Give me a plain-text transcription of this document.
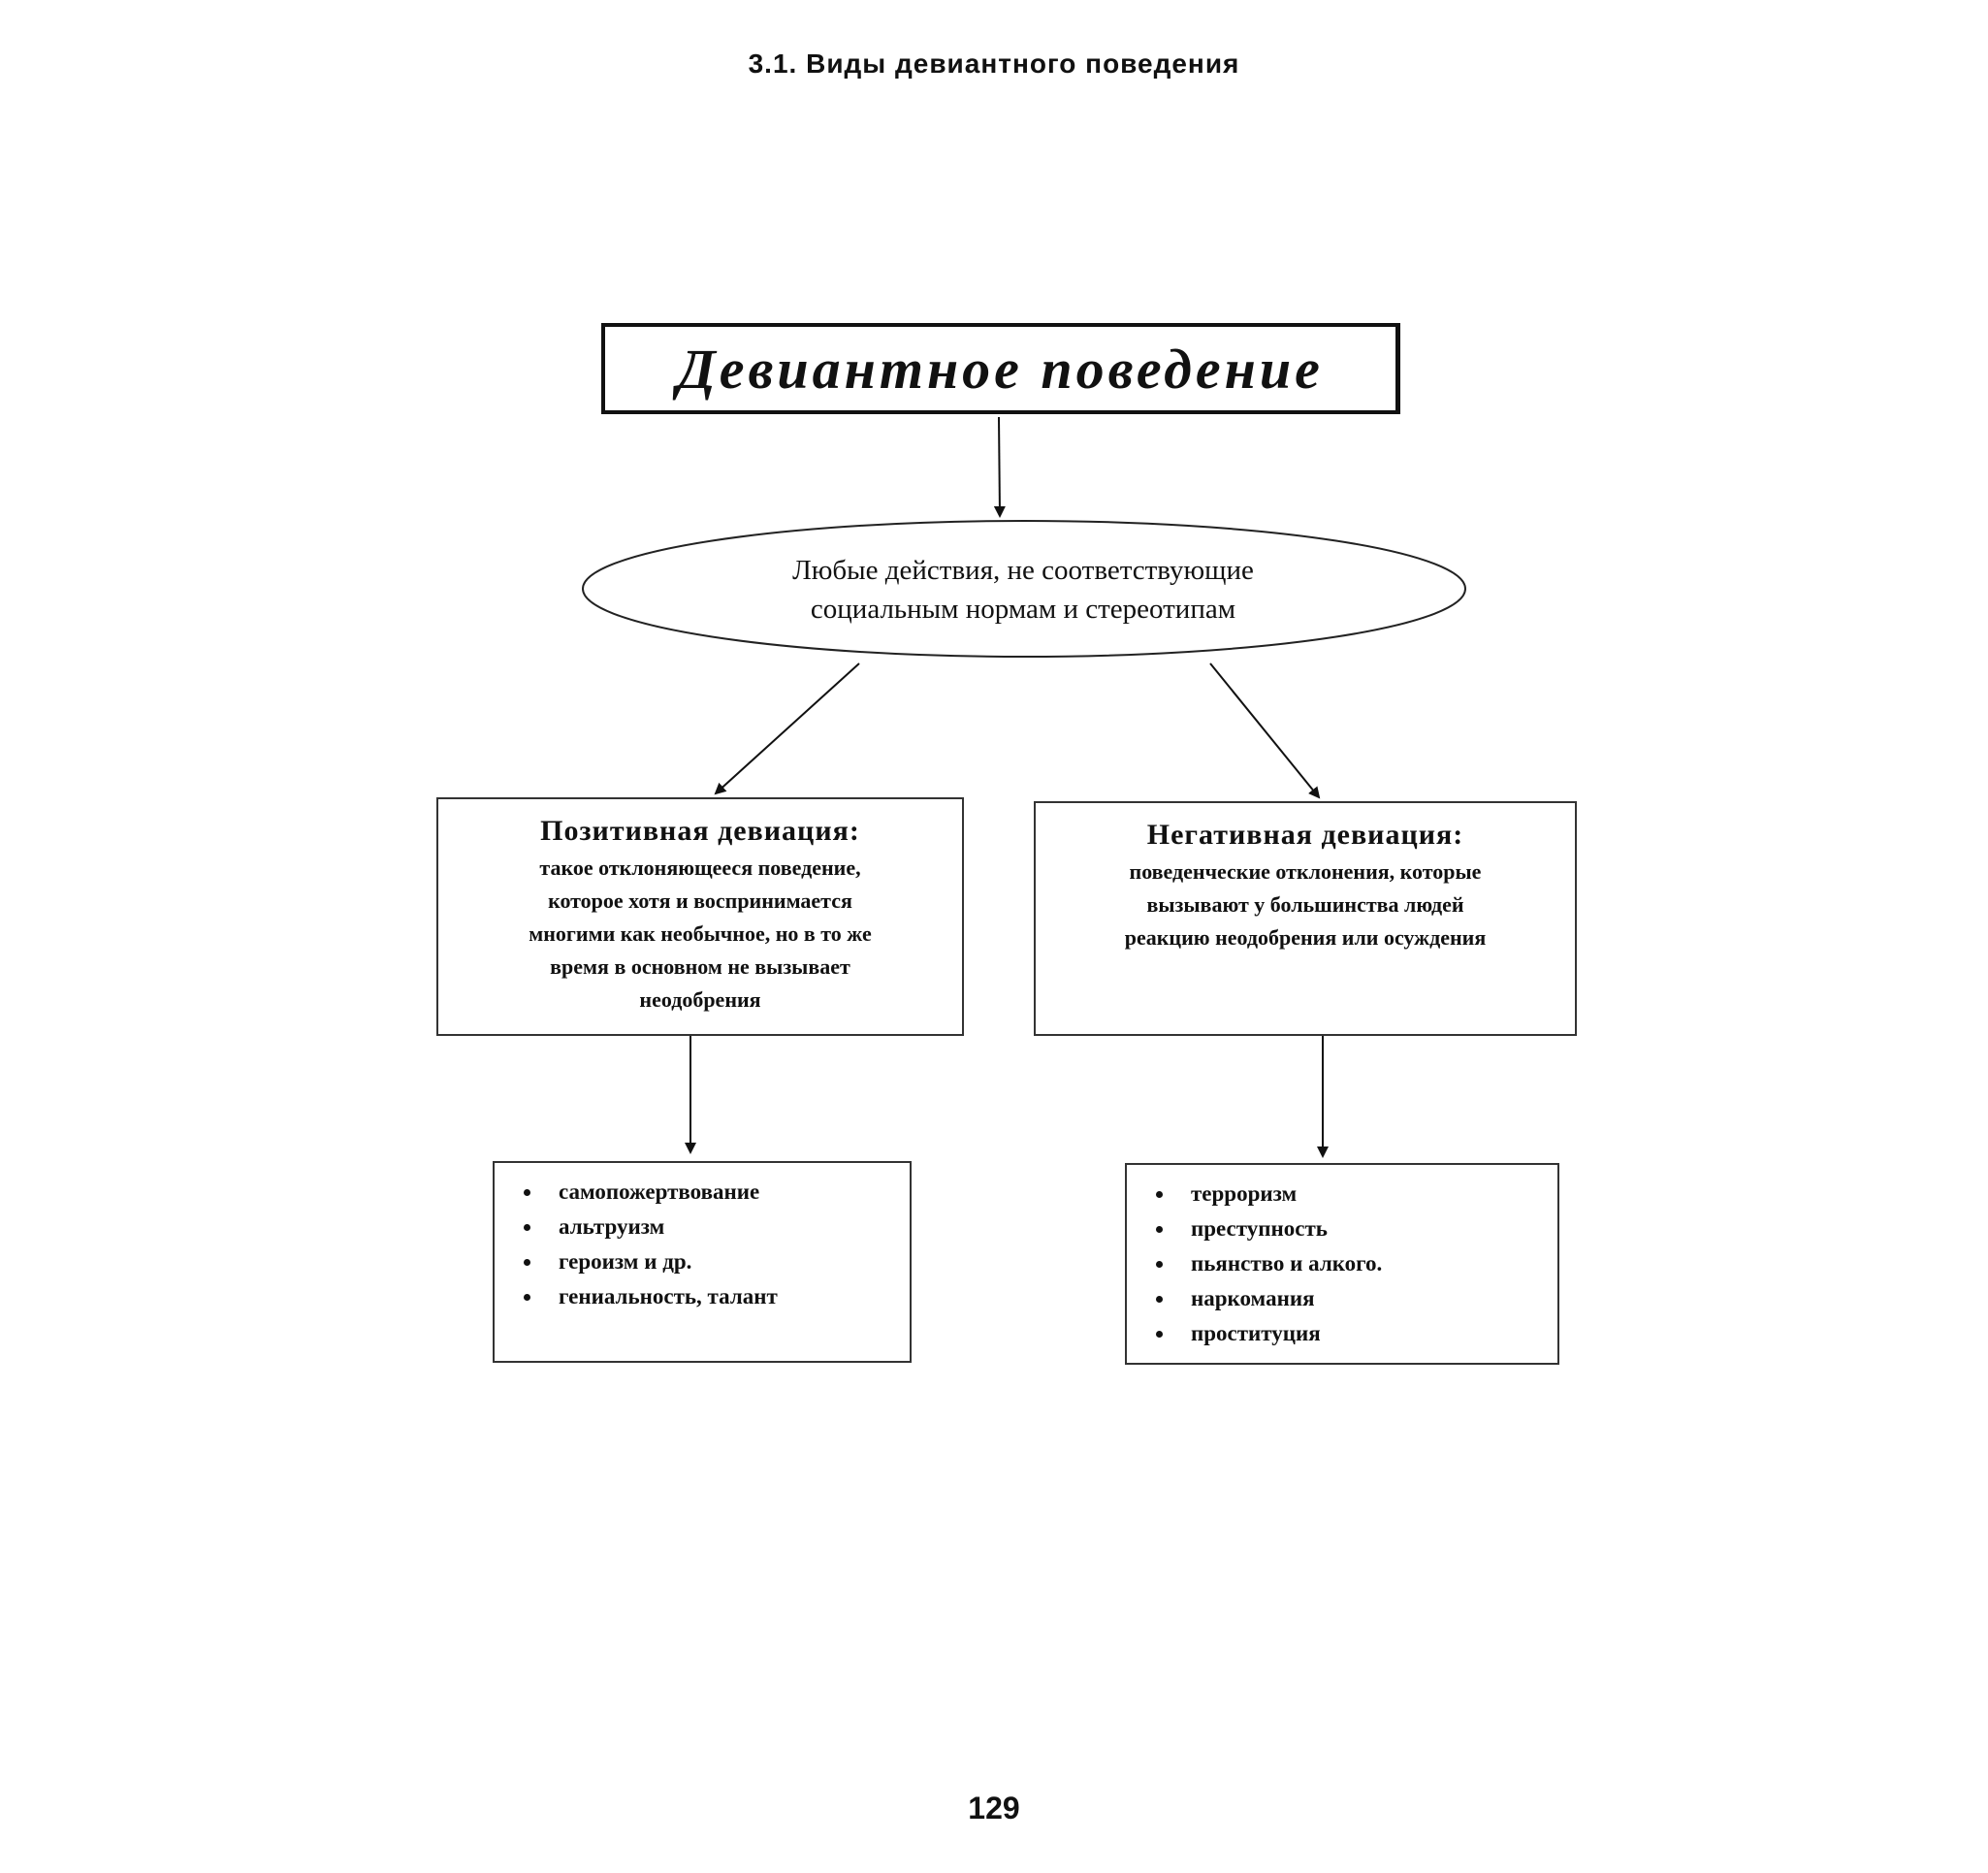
3.1. Виды девиантного поведения
Девиантное поведение
Любые действия, не соответствующие
социальным нормам и стереотипам
Позитивная девиация:
такое отклоняющееся поведение,
которое хотя и воспринимается
многими как необычное, но в то же
время в основном не вызывает
неодобрения
Негативная девиация:
поведенческие отклонения, которые
вызывают у большинства людей
реакцию неодобрения или осуждения
самопожертвование
альтруизм
героизм и др.
гениальность, талант
терроризм
преступность
пьянство и алкого.
наркомания
проституция
129
